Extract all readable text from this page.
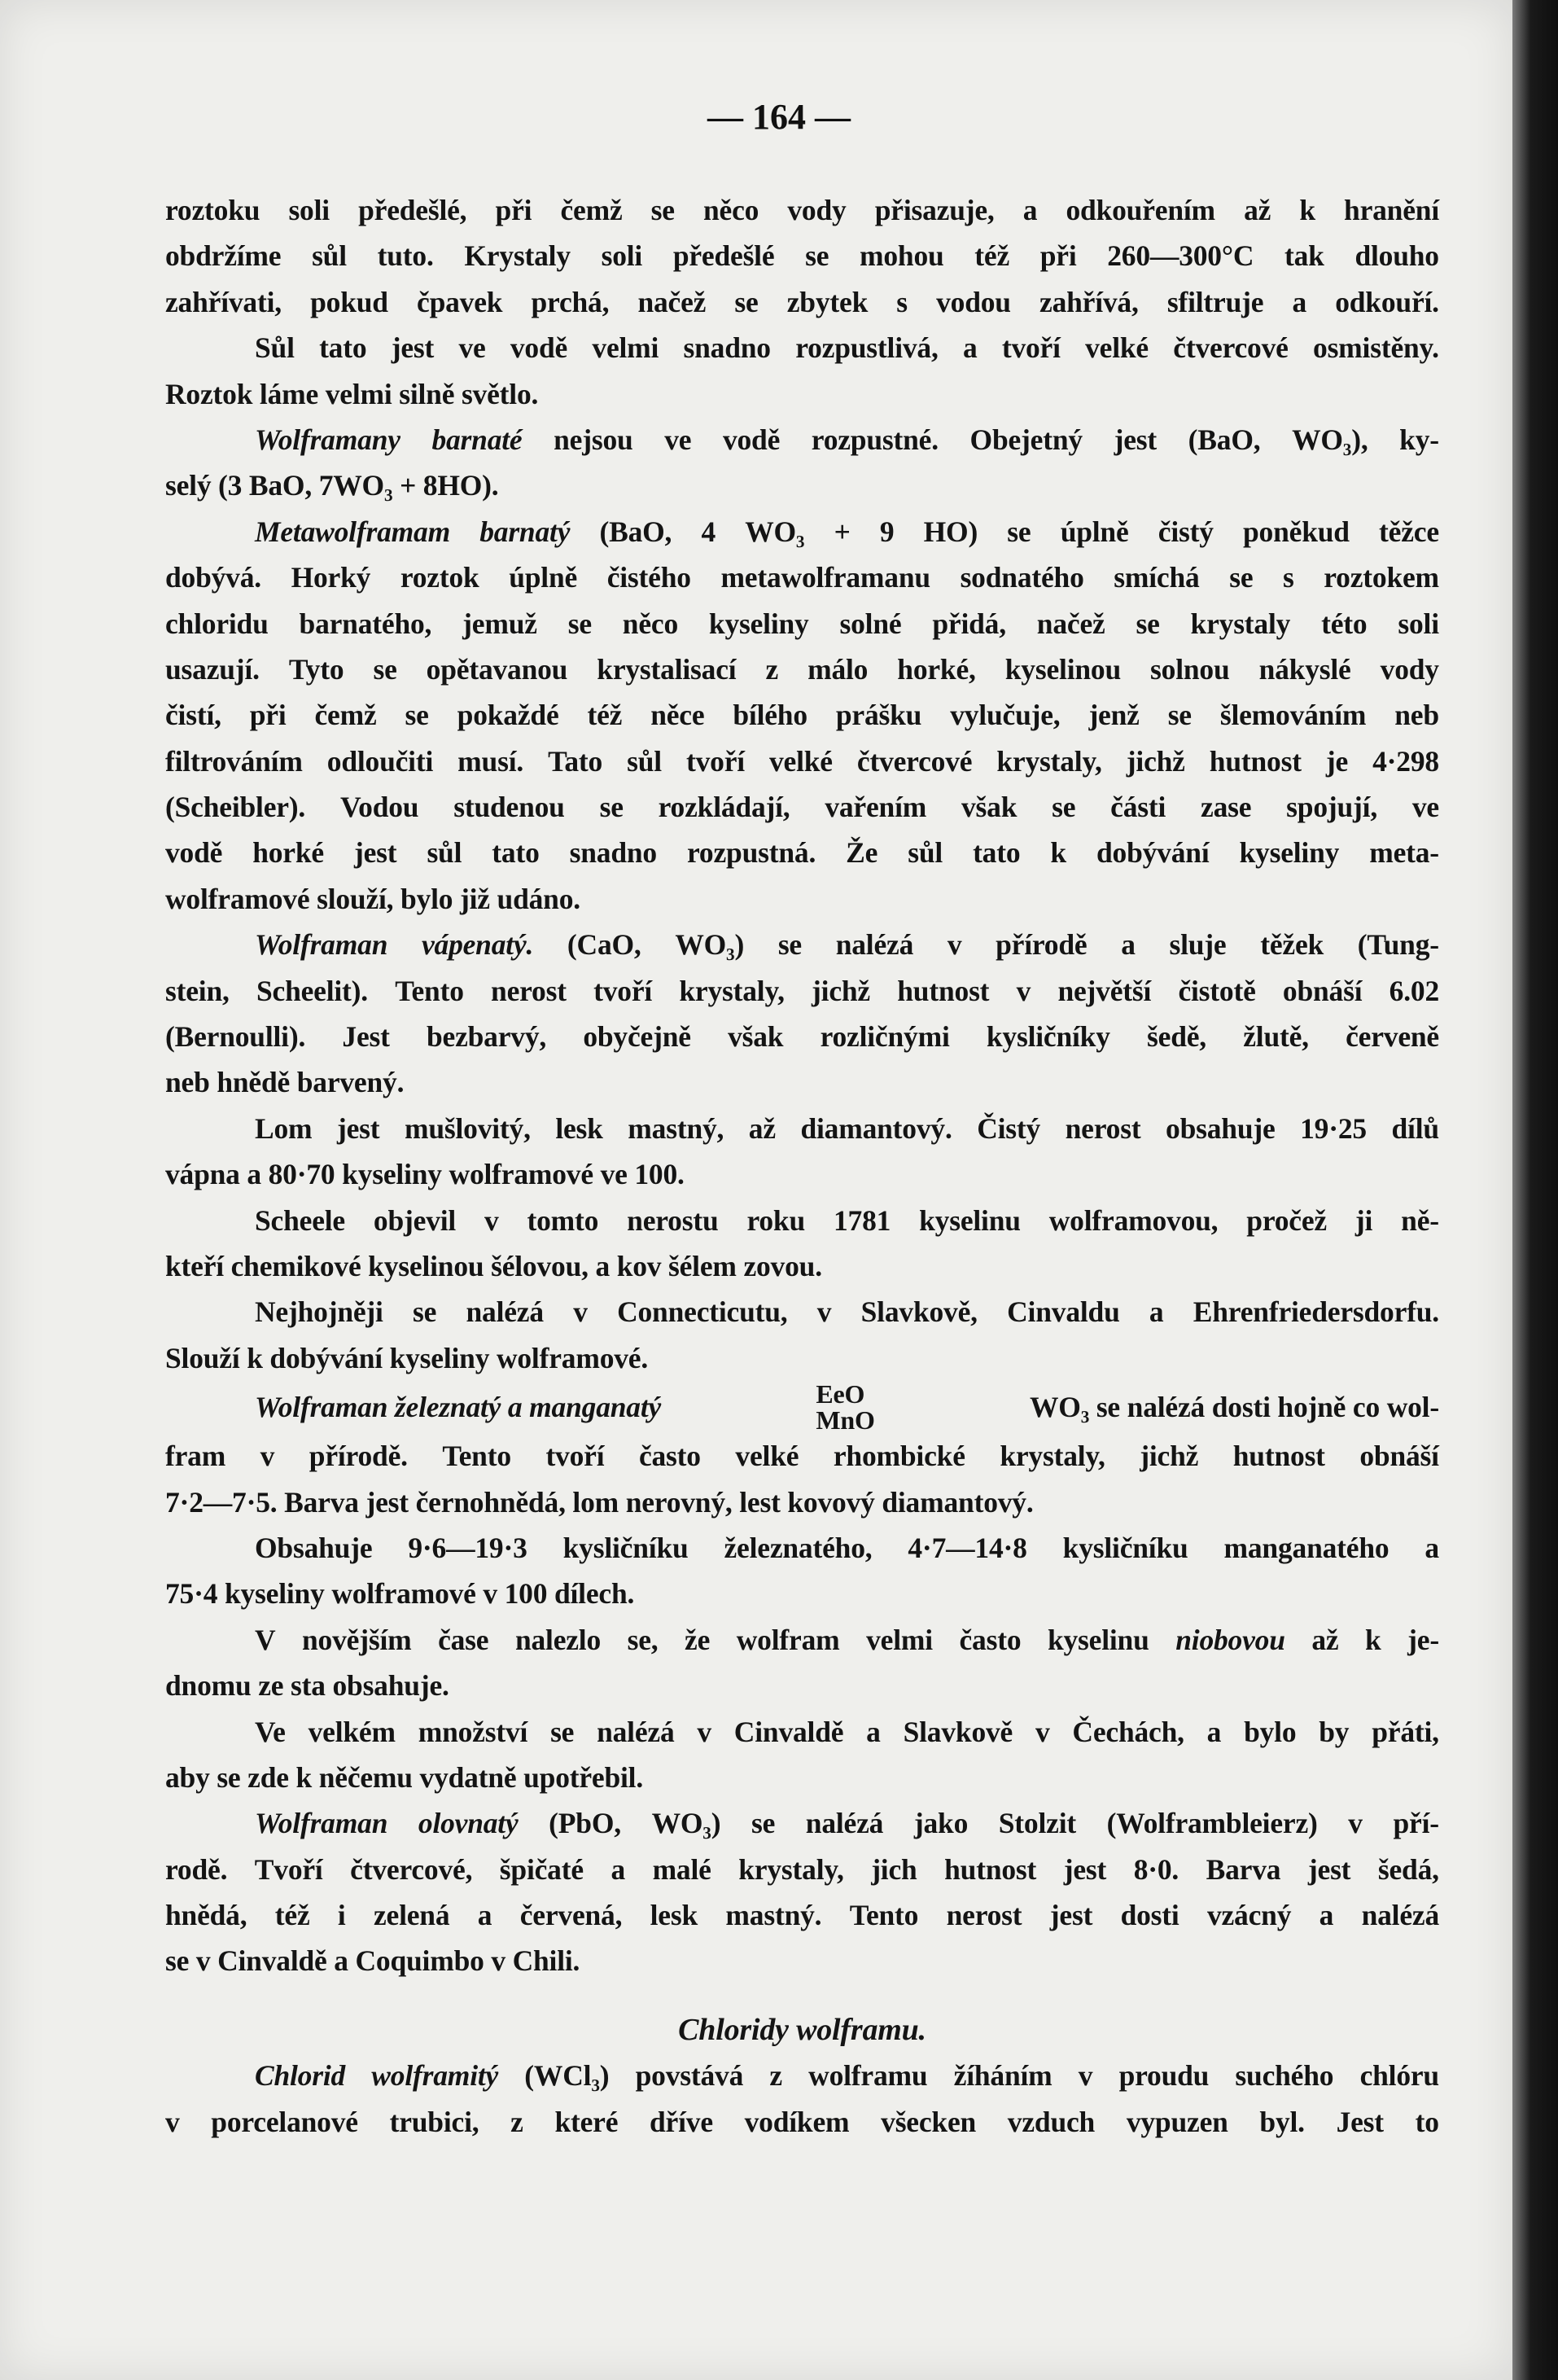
— 164 —
roztoku soli předešlé, při čemž se něco vody přisazuje, a odkouřením až k hranění
obdržíme sůl tuto. Krystaly soli předešlé se mohou též při 260—300°C tak dlouho
zahřívati, pokud čpavek prchá, načež se zbytek s vodou zahřívá, sfiltruje a odkouří.
Sůl tato jest ve vodě velmi snadno rozpustlivá, a tvoří velké čtvercové osmistěny.
Roztok láme velmi silně světlo.
Wolframany barnaté nejsou ve vodě rozpustné. Obejetný jest (BaO, WO₃), ky-
selý (3 BaO, 7WO₃ + 8HO).
Metawolframam barnatý (BaO, 4 WO₃ + 9 HO) se úplně čistý poněkud těžce
dobývá. Horký roztok úplně čistého metawolframanu sodnatého smíchá se s roztokem
chloridu barnatého, jemuž se něco kyseliny solné přidá, načež se krystaly této soli
usazují. Tyto se opětavanou krystalisací z málo horké, kyselinou solnou nákyslé vody
čistí, při čemž se pokaždé též něce bílého prášku vylučuje, jenž se šlemováním neb
filtrováním odloučiti musí. Tato sůl tvoří velké čtvercové krystaly, jichž hutnost je 4·298
(Scheibler). Vodou studenou se rozkládají, vařením však se části zase spojují, ve
vodě horké jest sůl tato snadno rozpustná. Že sůl tato k dobývání kyseliny meta-
wolframové slouží, bylo již udáno.
Wolframan vápenatý. (CaO, WO₃) se nalézá v přírodě a sluje těžek (Tung-
stein, Scheelit). Tento nerost tvoří krystaly, jichž hutnost v největší čistotě obnáší 6.02
(Bernoulli). Jest bezbarvý, obyčejně však rozličnými kysličníky šedě, žlutě, červeně
neb hnědě barvený.
Lom jest mušlovitý, lesk mastný, až diamantový. Čistý nerost obsahuje 19·25 dílů
vápna a 80·70 kyseliny wolframové ve 100.
Scheele objevil v tomto nerostu roku 1781 kyselinu wolframovou, pročež ji ně-
kteří chemikové kyselinou šélovou, a kov šélem zovou.
Nejhojněji se nalézá v Connecticutu, v Slavkově, Cinvaldu a Ehrenfriedersdorfu.
Slouží k dobývání kyseliny wolframové.
Wolframan železnatý a manganatý	EeO
MnO	WO₃ se nalézá dosti hojně co wol-
fram v přírodě. Tento tvoří často velké rhombické krystaly, jichž hutnost obnáší
7·2—7·5. Barva jest černohnědá, lom nerovný, lest kovový diamantový.
Obsahuje 9·6—19·3 kysličníku železnatého, 4·7—14·8 kysličníku manganatého a
75·4 kyseliny wolframové v 100 dílech.
V novějším čase nalezlo se, že wolfram velmi často kyselinu niobovou až k je-
dnomu ze sta obsahuje.
Ve velkém množství se nalézá v Cinvaldě a Slavkově v Čechách, a bylo by přáti,
aby se zde k něčemu vydatně upotřebil.
Wolframan olovnatý (PbO, WO₃) se nalézá jako Stolzit (Wolframbleierz) v pří-
rodě. Tvoří čtvercové, špičaté a malé krystaly, jich hutnost jest 8·0. Barva jest šedá,
hnědá, též i zelená a červená, lesk mastný. Tento nerost jest dosti vzácný a nalézá
se v Cinvaldě a Coquimbo v Chili.
Chloridy wolframu.
Chlorid wolframitý (WCl₃) povstává z wolframu žíháním v proudu suchého chlóru
v porcelanové trubici, z které dříve vodíkem všecken vzduch vypuzen byl. Jest to
